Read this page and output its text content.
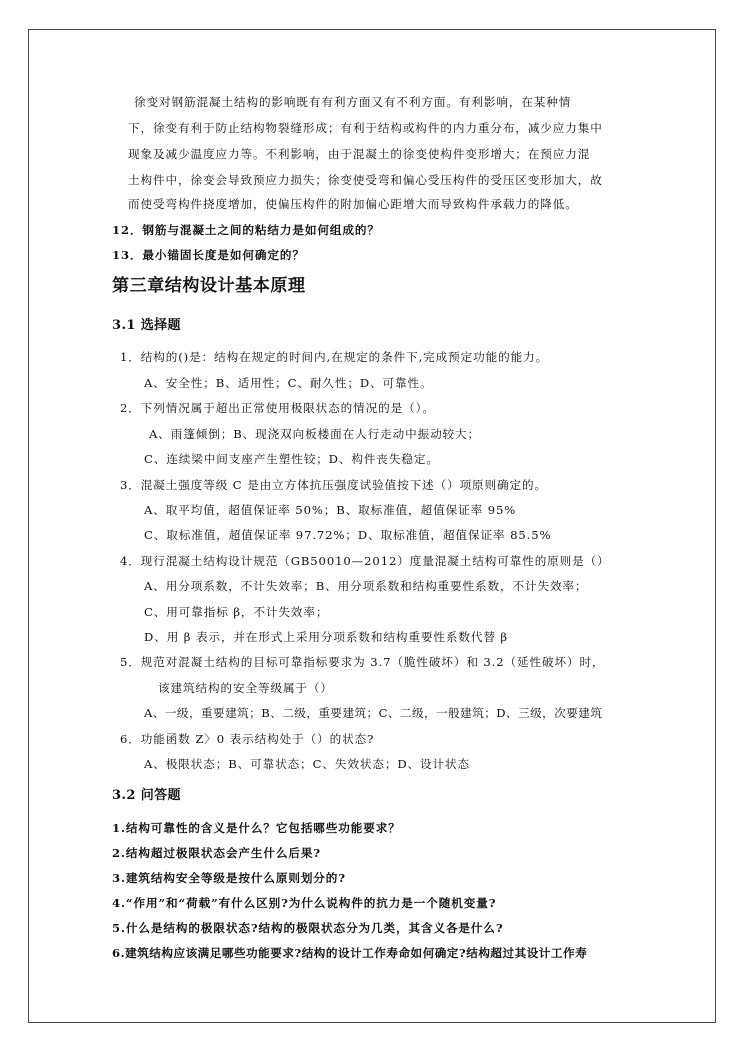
徐变对钢筋混凝土结构的影响既有有利方面又有不利方面。有利影响，在某种情
下，徐变有利于防止结构物裂缝形成；有利于结构或构件的内力重分布，减少应力集中
现象及减少温度应力等。不利影响，由于混凝土的徐变使构件变形增大；在预应力混
土构件中，徐变会导致预应力损失；徐变使受弯和偏心受压构件的受压区变形加大，故
而使受弯构件挠度增加，使偏压构件的附加偏心距增大而导致构件承载力的降低。
12．钢筋与混凝土之间的粘结力是如何组成的？
13．最小锚固长度是如何确定的？
第三章结构设计基本原理
3.1 选择题
1．结构的()是：结构在规定的时间内,在规定的条件下,完成预定功能的能力。
A、安全性；B、适用性；C、耐久性；D、可靠性。
2．下列情况属于超出正常使用极限状态的情况的是（）。
A、雨篷倾倒；B、现浇双向板楼面在人行走动中振动较大；
C、连续梁中间支座产生塑性铰；D、构件丧失稳定。
3．混凝土强度等级 C 是由立方体抗压强度试验值按下述（）项原则确定的。
A、取平均值，超值保证率 50%；B、取标准值，超值保证率 95%
C、取标准值，超值保证率 97.72%；D、取标准值，超值保证率 85.5%
4．现行混凝土结构设计规范（GB50010—2012）度量混凝土结构可靠性的原则是（）
A、用分项系数，不计失效率；B、用分项系数和结构重要性系数，不计失效率；
C、用可靠指标 β，不计失效率；
D、用 β 表示，并在形式上采用分项系数和结构重要性系数代替 β
5．规范对混凝土结构的目标可靠指标要求为 3.7（脆性破坏）和 3.2（延性破坏）时，
该建筑结构的安全等级属于（）
A、一级，重要建筑；B、二级，重要建筑；C、二级，一般建筑；D、三级，次要建筑
6．功能函数 Z〉0 表示结构处于（）的状态?
A、极限状态；B、可靠状态；C、失效状态；D、设计状态
3.2 问答题
1.结构可靠性的含义是什么？它包括哪些功能要求？
2.结构超过极限状态会产生什么后果?
3.建筑结构安全等级是按什么原则划分的?
4.“作用”和“荷载”有什么区别?为什么说构件的抗力是一个随机变量?
5.什么是结构的极限状态?结构的极限状态分为几类，其含义各是什么?
6.建筑结构应该满足哪些功能要求?结构的设计工作寿命如何确定?结构超过其设计工作寿
